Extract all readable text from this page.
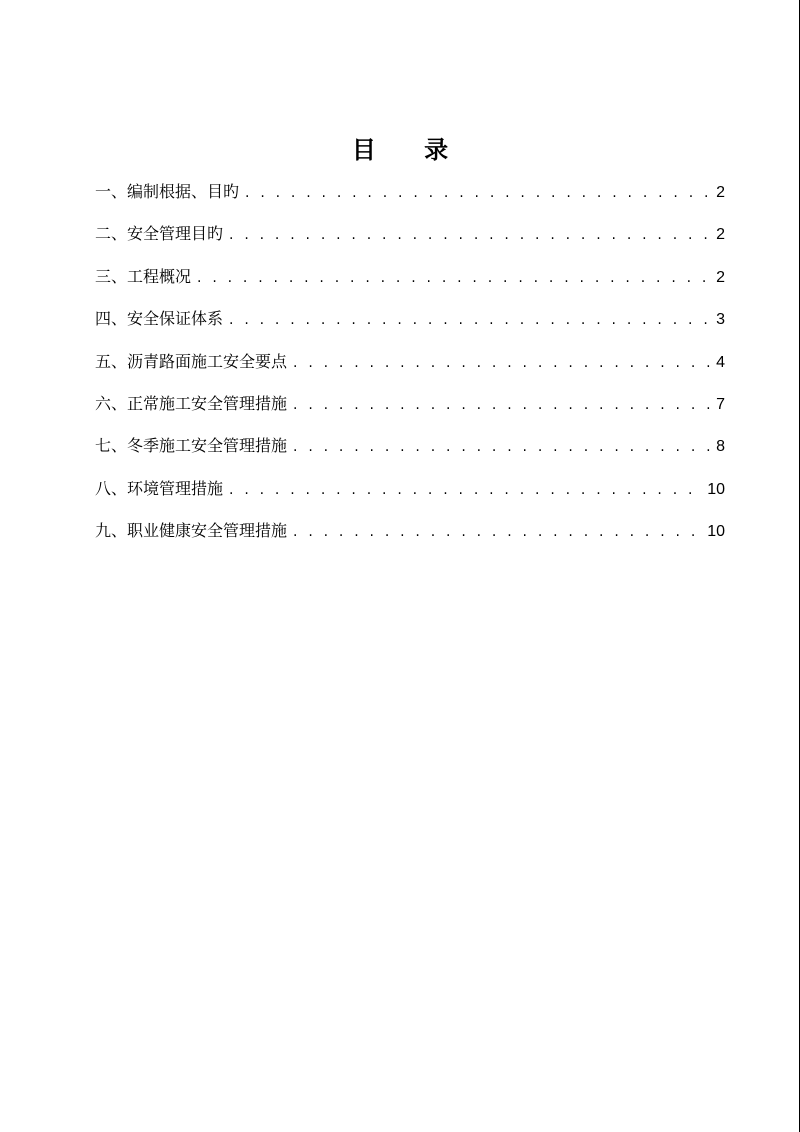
目 录
一、编制根据、目旳 . . .	2
二、安全管理目旳 . . .	2
三、工程概况 . . .	2
四、安全保证体系 . . .	3
五、沥青路面施工安全要点 . . .	4
六、正常施工安全管理措施 . . .	7
七、冬季施工安全管理措施 . . .	8
八、环境管理措施 . . .	10
九、职业健康安全管理措施 . . .	10
